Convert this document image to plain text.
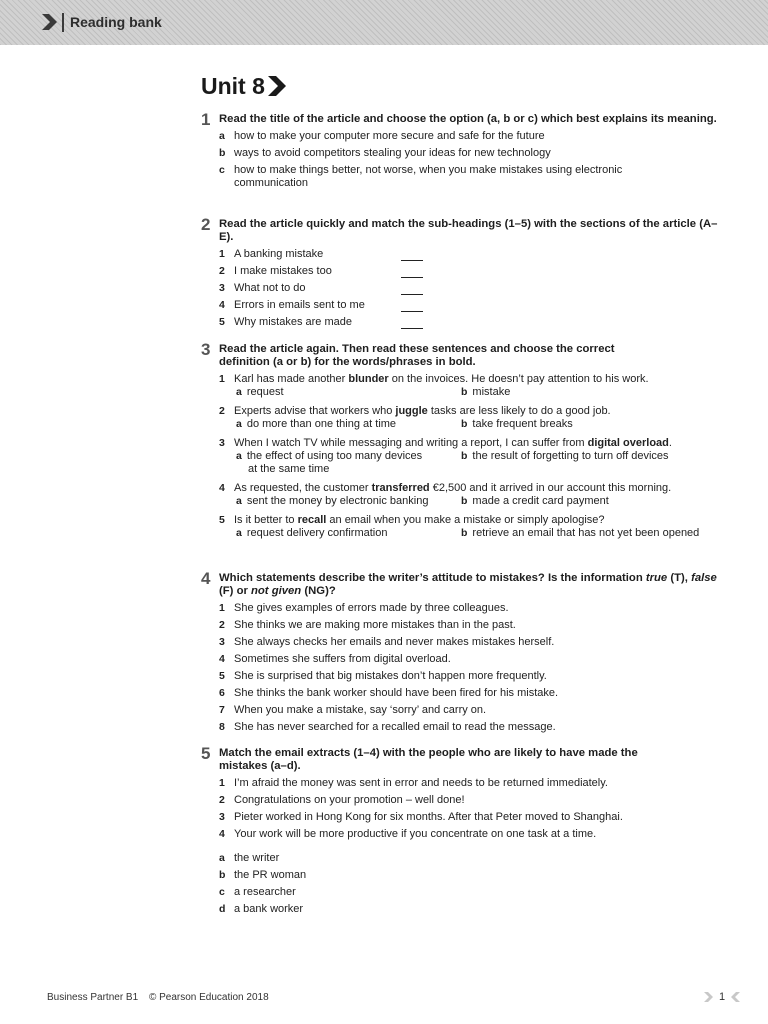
Reading bank
Unit 8
1 Read the title of the article and choose the option (a, b or c) which best explains its meaning.
a how to make your computer more secure and safe for the future
b ways to avoid competitors stealing your ideas for new technology
c how to make things better, not worse, when you make mistakes using electronic communication
2 Read the article quickly and match the sub-headings (1–5) with the sections of the article (A–E).
1 A banking mistake
2 I make mistakes too
3 What not to do
4 Errors in emails sent to me
5 Why mistakes are made
3 Read the article again. Then read these sentences and choose the correct definition (a or b) for the words/phrases in bold.
1 Karl has made another blunder on the invoices. He doesn’t pay attention to his work.
a request	b mistake
2 Experts advise that workers who juggle tasks are less likely to do a good job.
a do more than one thing at time	b take frequent breaks
3 When I watch TV while messaging and writing a report, I can suffer from digital overload.
a the effect of using too many devices
at the same time
b the result of forgetting to turn off devices
4 As requested, the customer transferred €2,500 and it arrived in our account this morning.
a sent the money by electronic banking	b made a credit card payment
5 Is it better to recall an email when you make a mistake or simply apologise?
a request delivery confirmation	b retrieve an email that has not yet been opened
4 Which statements describe the writer’s attitude to mistakes? Is the information true (T), false (F) or not given (NG)?
1 She gives examples of errors made by three colleagues.
2 She thinks we are making more mistakes than in the past.
3 She always checks her emails and never makes mistakes herself.
4 Sometimes she suffers from digital overload.
5 She is surprised that big mistakes don’t happen more frequently.
6 She thinks the bank worker should have been fired for his mistake.
7 When you make a mistake, say ‘sorry’ and carry on.
8 She has never searched for a recalled email to read the message.
5 Match the email extracts (1–4) with the people who are likely to have made the mistakes (a–d).
1 I’m afraid the money was sent in error and needs to be returned immediately.
2 Congratulations on your promotion – well done!
3 Pieter worked in Hong Kong for six months. After that Peter moved to Shanghai.
4 Your work will be more productive if you concentrate on one task at a time.
a the writer
b the PR woman
c a researcher
d a bank worker
Business Partner B1 © Pearson Education 2018	1
